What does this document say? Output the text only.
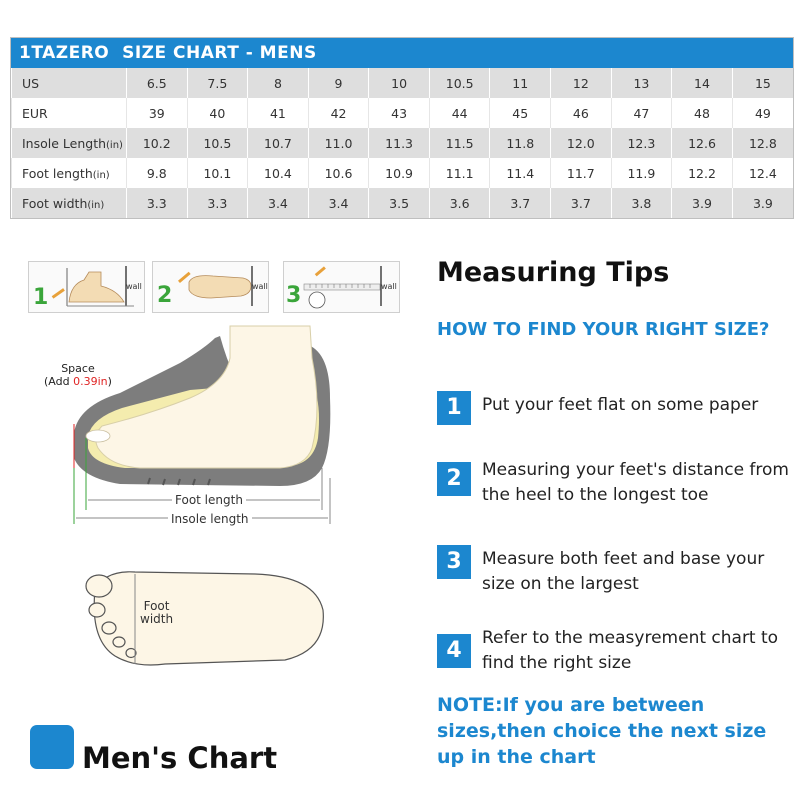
1TAZERO  SIZE CHART - MENS
US	6.5	7.5	8	9	10	10.5	11	12	13	14	15
EUR	39	40	41	42	43	44	45	46	47	48	49
Insole Length(in)	10.2	10.5	10.7	11.0	11.3	11.5	11.8	12.0	12.3	12.6	12.8
Foot length(in)	9.8	10.1	10.4	10.6	10.9	11.1	11.4	11.7	11.9	12.2	12.4
Foot width(in)	3.3	3.3	3.4	3.4	3.5	3.6	3.7	3.7	3.8	3.9	3.9
1	wall 2	wall 3	wall
Space
(Add 0.39in)
Foot length
Insole length
Foot
width
Measuring Tips
HOW TO FIND YOUR RIGHT SIZE?
1	Put your feet flat on some paper
2	Measuring your feet's distance from the heel to the longest toe
3	Measure both feet and base your size on the largest
4	Refer to the measyrement chart to find the right size
NOTE:If you are between sizes,then choice the next size up in the chart
Men's Chart
